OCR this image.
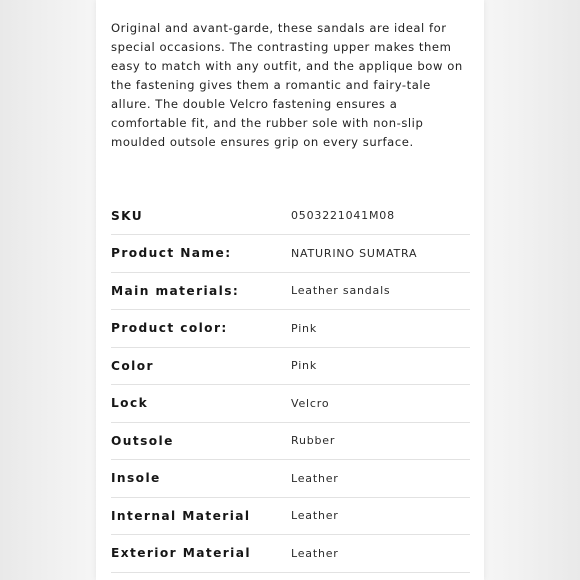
Original and avant-garde, these sandals are ideal for special occasions. The contrasting upper makes them easy to match with any outfit, and the applique bow on the fastening gives them a romantic and fairy-tale allure. The double Velcro fastening ensures a comfortable fit, and the rubber sole with non-slip moulded outsole ensures grip on every surface.

SKU	0503221041M08
Product Name:	NATURINO SUMATRA
Main materials:	Leather sandals
Product color:	Pink
Color	Pink
Lock	Velcro
Outsole	Rubber
Insole	Leather
Internal Material	Leather
Exterior Material	Leather
